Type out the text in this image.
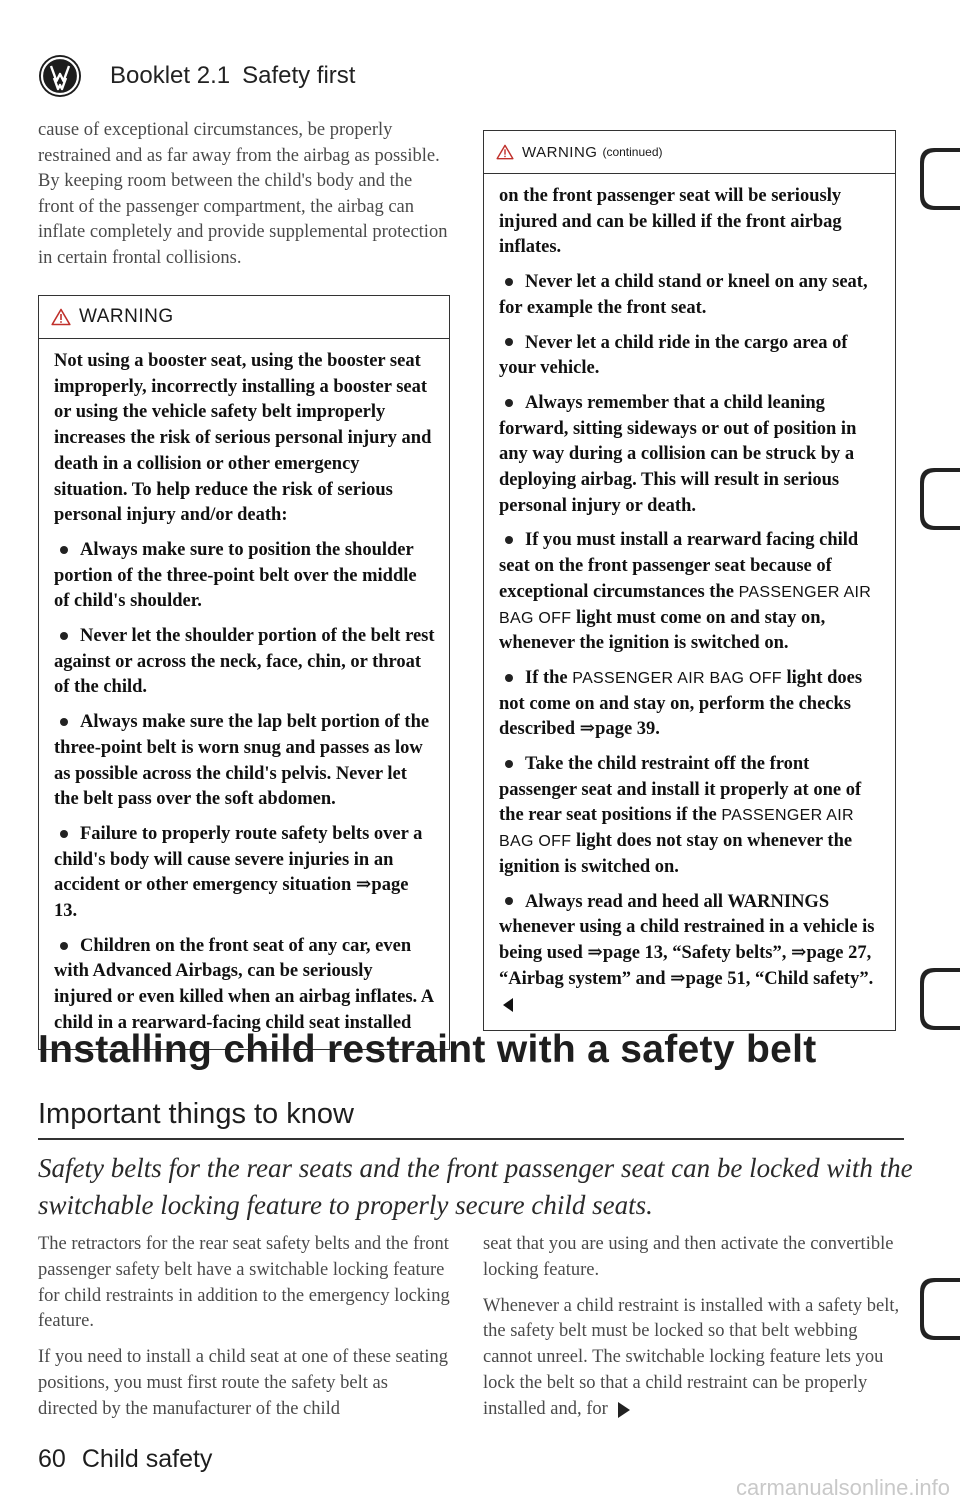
Booklet 2.1 Safety first

cause of exceptional circumstances, be properly restrained and as far away from the airbag as possible. By keeping room between the child's body and the front of the passenger compartment, the airbag can inflate completely and provide supplemental protection in certain frontal collisions.

WARNING

Not using a booster seat, using the booster seat improperly, incorrectly installing a booster seat or using the vehicle safety belt improperly increases the risk of serious personal injury and death in a collision or other emergency situation. To help reduce the risk of serious personal injury and/or death:

Always make sure to position the shoulder portion of the three-point belt over the middle of child's shoulder.

Never let the shoulder portion of the belt rest against or across the neck, face, chin, or throat of the child.

Always make sure the lap belt portion of the three-point belt is worn snug and passes as low as possible across the child's pelvis. Never let the belt pass over the soft abdomen.

Failure to properly route safety belts over a child's body will cause severe injuries in an accident or other emergency situation ⇒page 13.

Children on the front seat of any car, even with Advanced Airbags, can be seriously injured or even killed when an airbag inflates. A child in a rearward-facing child seat installed

WARNING (continued)

on the front passenger seat will be seriously injured and can be killed if the front airbag inflates.

Never let a child stand or kneel on any seat, for example the front seat.

Never let a child ride in the cargo area of your vehicle.

Always remember that a child leaning forward, sitting sideways or out of position in any way during a collision can be struck by a deploying airbag. This will result in serious personal injury or death.

If you must install a rearward facing child seat on the front passenger seat because of exceptional circumstances the PASSENGER AIR BAG OFF light must come on and stay on, whenever the ignition is switched on.

If the PASSENGER AIR BAG OFF light does not come on and stay on, perform the checks described ⇒page 39.

Take the child restraint off the front passenger seat and install it properly at one of the rear seat positions if the PASSENGER AIR BAG OFF light does not stay on whenever the ignition is switched on.

Always read and heed all WARNINGS whenever using a child restrained in a vehicle is being used ⇒page 13, “Safety belts”, ⇒page 27, “Airbag system” and ⇒page 51, “Child safety”.

Installing child restraint with a safety belt
Important things to know
Safety belts for the rear seats and the front passenger seat can be locked with the switchable locking feature to properly secure child seats.

The retractors for the rear seat safety belts and the front passenger safety belt have a switchable locking feature for child restraints in addition to the emergency locking feature.

If you need to install a child seat at one of these seating positions, you must first route the safety belt as directed by the manufacturer of the child

seat that you are using and then activate the convertible locking feature.

Whenever a child restraint is installed with a safety belt, the safety belt must be locked so that belt webbing cannot unreel. The switchable locking feature lets you lock the belt so that a child restraint can be properly installed and, for

60 Child safety
carmanualsonline.info
